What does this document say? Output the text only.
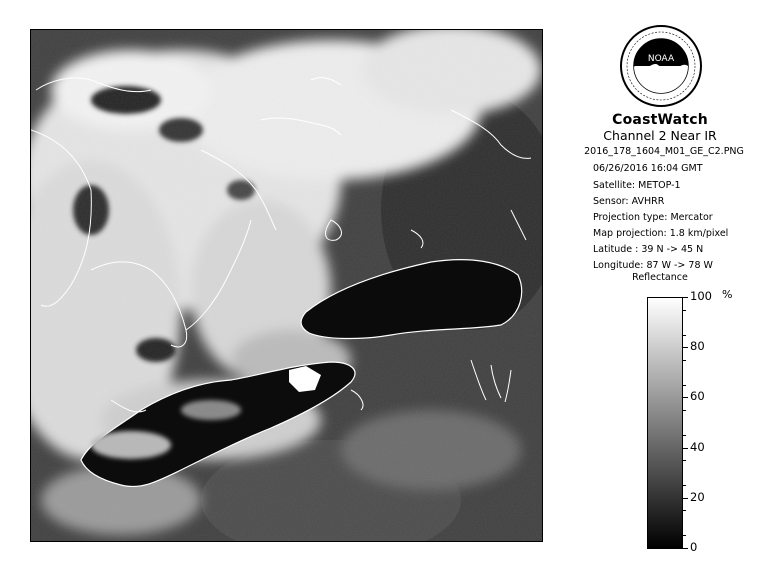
NOAA
CoastWatch
Channel 2 Near IR
2016_178_1604_M01_GE_C2.PNG
06/26/2016 16:04 GMT
Satellite: METOP-1
Sensor: AVHRR
Projection type: Mercator
Map projection: 1.8 km/pixel
Latitude : 39 N -> 45 N
Longitude: 87 W -> 78 W
Reflectance
%
100
80
60
40
20
0
